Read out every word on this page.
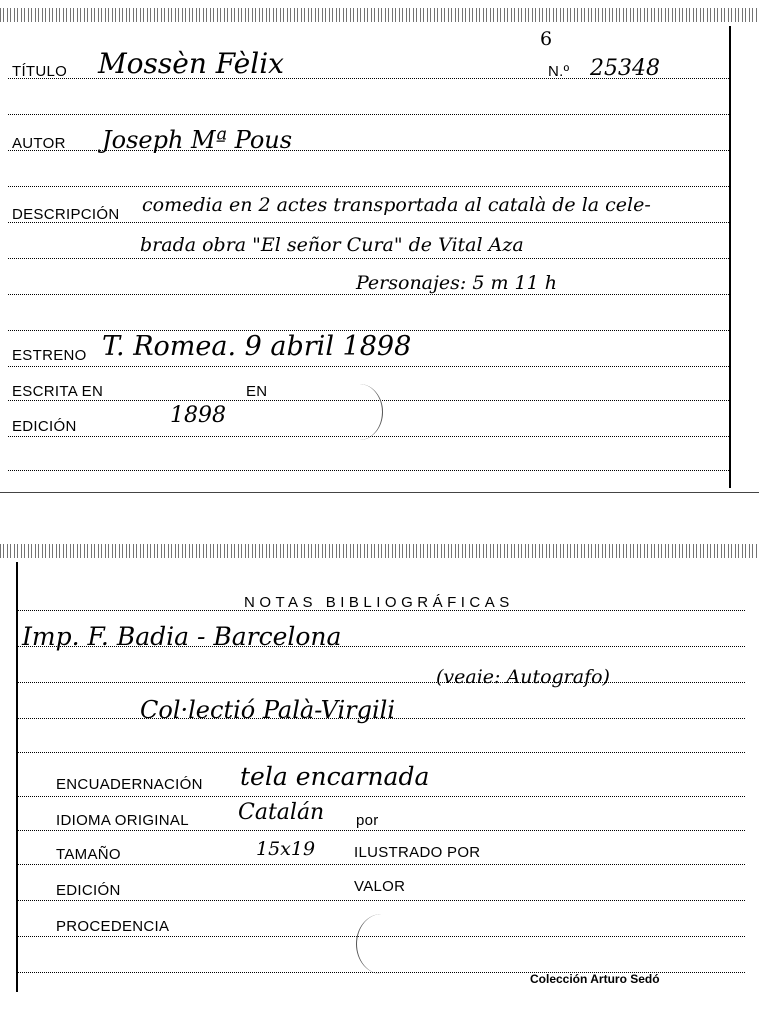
TÍTULO Mossèn Fèlix
6
N.º 25348
AUTOR Joseph Mª Pous
DESCRIPCIÓN comedia en 2 actes transportada al català de la cele-
brada obra "El señor Cura" de Vital Aza
Personajes: 5 m 11 h
ESTRENO T. Romea. 9 abril 1898
ESCRITA EN	EN
EDICIÓN	1898
NOTAS BIBLIOGRÁFICAS
Imp. F. Badia - Barcelona
Col·lectió Palà-Virgili
(veaie: Autografo)
ENCUADERNACIÓN tela encarnada
IDIOMA ORIGINAL Catalán por
TAMAÑO	15x19	ILUSTRADO POR
EDICIÓN	VALOR
PROCEDENCIA
Colección Arturo Sedó
